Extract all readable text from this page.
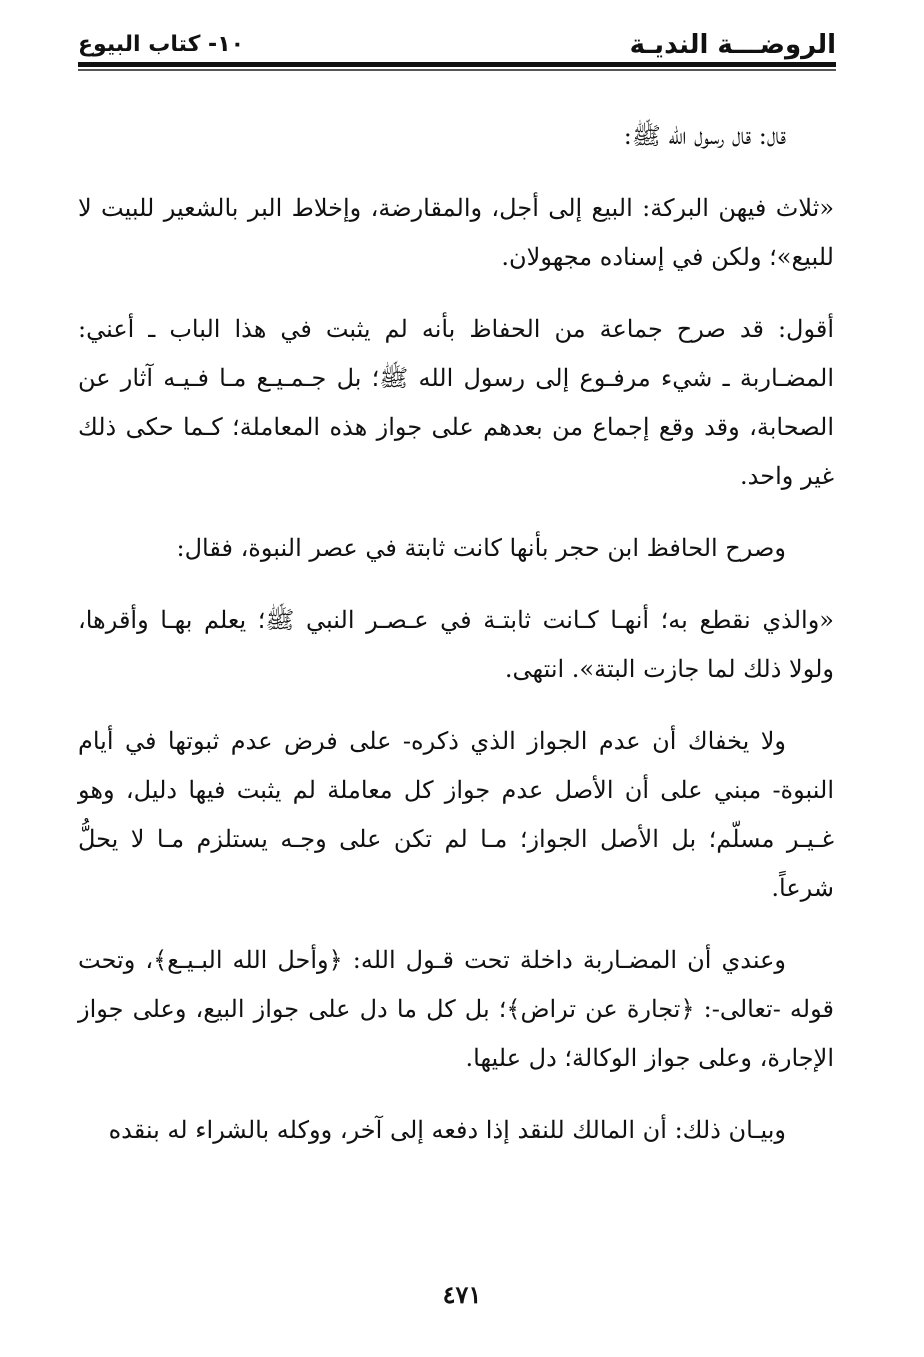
الروضـــة النديـة
١٠- كتاب البيوع

قال: قال رسول الله ﷺ:

«ثلاث فيهن البركة: البيع إلى أجل، والمقارضة، وإخلاط البر بالشعير للبيت لا للبيع»؛ ولكن في إسناده مجهولان.

أقول: قد صرح جماعة من الحفاظ بأنه لم يثبت في هذا الباب ـ أعني: المضـاربة ـ شيء مرفـوع إلى رسول الله ﷺ؛ بل جـمـيـع مـا فـيـه آثار عن الصحابة، وقد وقع إجماع من بعدهم على جواز هذه المعاملة؛ كـما حكى ذلك غير واحد.

وصرح الحافظ ابن حجر بأنها كانت ثابتة في عصر النبوة، فقال:

«والذي نقطع به؛ أنهـا كـانت ثابتـة في عـصـر النبي ﷺ؛ يعلم بهـا وأقرها، ولولا ذلك لما جازت البتة». انتهى.

ولا يخفاك أن عدم الجواز الذي ذكره- على فرض عدم ثبوتها في أيام النبوة- مبني على أن الأصل عدم جواز كل معاملة لم يثبت فيها دليل، وهو غـيـر مسلّم؛ بل الأصل الجواز؛ مـا لم تكن على وجـه يستلزم مـا لا يحلُّ شرعاً.

وعندي أن المضـاربة داخلة تحت قـول الله: ﴿وأحل الله البـيـع﴾، وتحت قوله -تعالى-: ﴿تجارة عن تراض﴾؛ بل كل ما دل على جواز البيع، وعلى جواز الإجارة، وعلى جواز الوكالة؛ دل عليها.

وبيـان ذلك: أن المالك للنقد إذا دفعه إلى آخر، ووكله بالشراء له بنقده

٤٧١
